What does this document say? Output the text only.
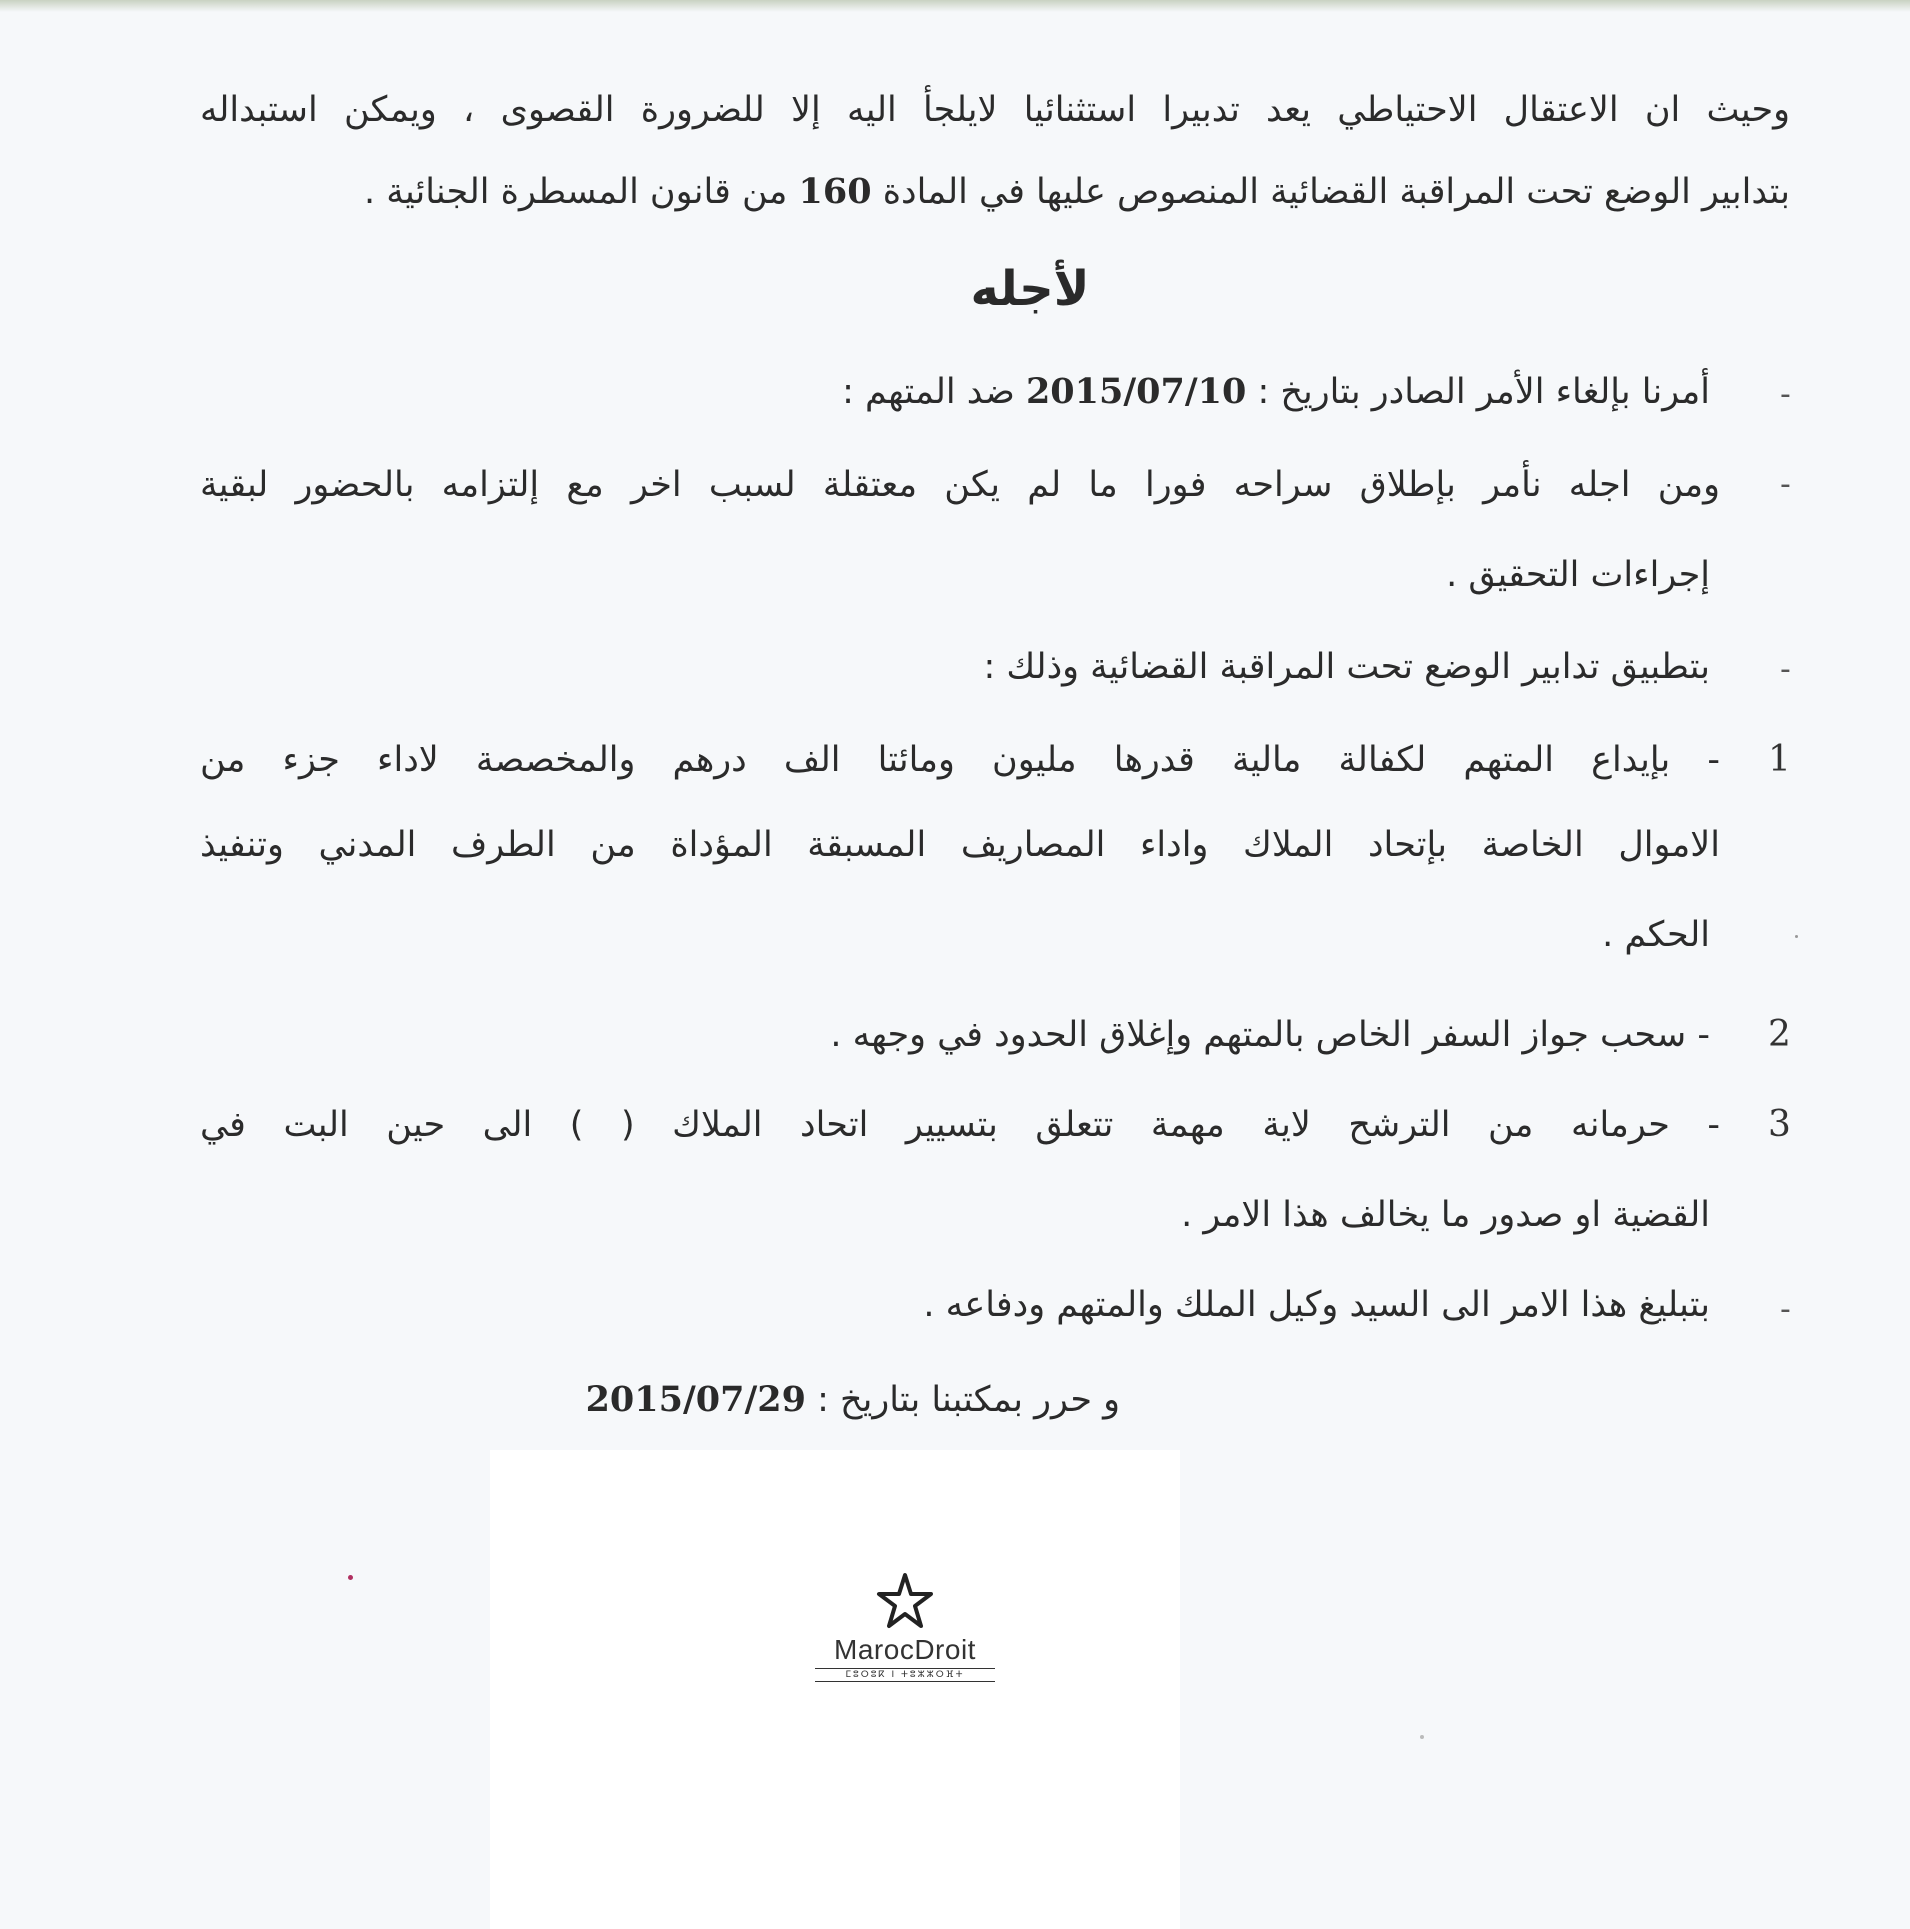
وحيث ان الاعتقال الاحتياطي يعد تدبيرا استثنائيا لايلجأ اليه إلا للضرورة القصوى ، ويمكن استبداله
بتدابير الوضع تحت المراقبة القضائية المنصوص عليها في المادة 160 من قانون المسطرة الجنائية .
لأجله
-
أمرنا بإلغاء الأمر الصادر بتاريخ : 2015/07/10 ضد المتهم :
-
ومن اجله نأمر بإطلاق سراحه فورا ما لم يكن معتقلة لسبب اخر مع إلتزامه بالحضور لبقية
إجراءات التحقيق .
-
بتطبيق تدابير الوضع تحت المراقبة القضائية وذلك :
1
- بإيداع المتهم لكفالة مالية قدرها مليون ومائتا الف درهم والمخصصة لاداء جزء من
الاموال الخاصة بإتحاد الملاك واداء المصاريف المسبقة المؤداة من الطرف المدني وتنفيذ
الحكم .
2
- سحب جواز السفر الخاص بالمتهم وإغلاق الحدود في وجهه .
3
- حرمانه من الترشح لاية مهمة تتعلق بتسيير اتحاد الملاك ( ) الى حين البت في
القضية او صدور ما يخالف هذا الامر .
-
بتبليغ هذا الامر الى السيد وكيل الملك والمتهم ودفاعه .
و حرر بمكتبنا بتاريخ : 2015/07/29
MarocDroit
ⵎⵓⵔⵓⴽ ⵏ ⵜⵓⵣⵣⵔⴼⵜ
